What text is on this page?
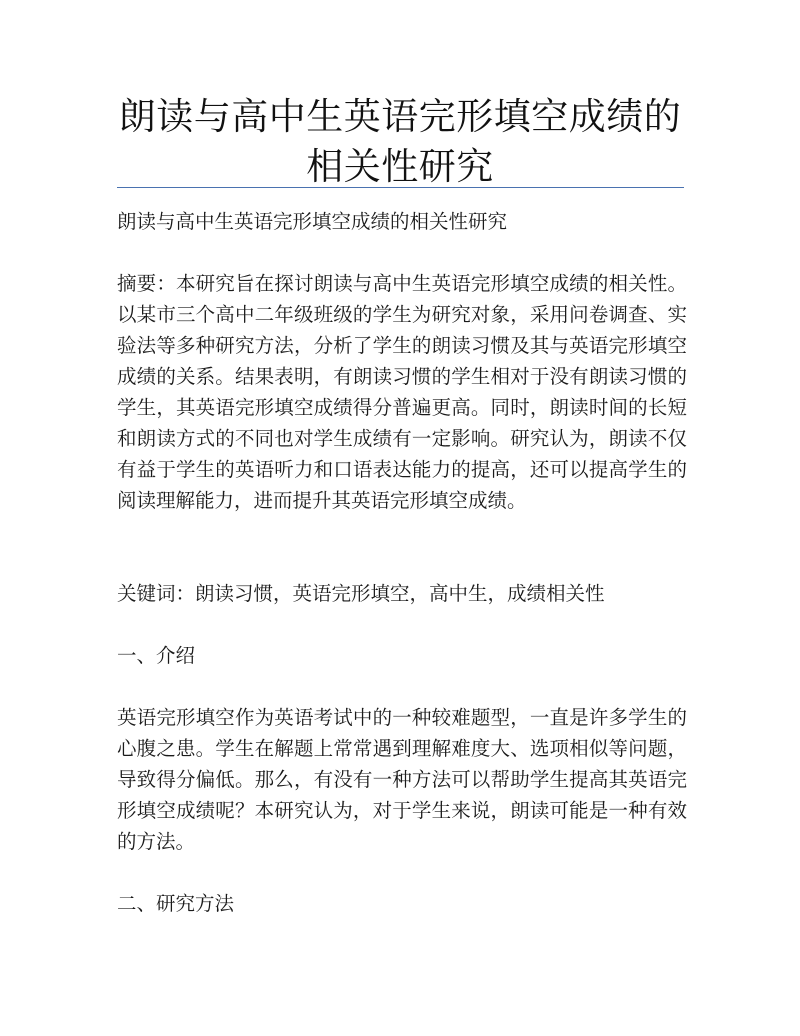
朗读与高中生英语完形填空成绩的相关性研究

朗读与高中生英语完形填空成绩的相关性研究

摘要：本研究旨在探讨朗读与高中生英语完形填空成绩的相关性。以某市三个高中二年级班级的学生为研究对象，采用问卷调查、实验法等多种研究方法，分析了学生的朗读习惯及其与英语完形填空成绩的关系。结果表明，有朗读习惯的学生相对于没有朗读习惯的学生，其英语完形填空成绩得分普遍更高。同时，朗读时间的长短和朗读方式的不同也对学生成绩有一定影响。研究认为，朗读不仅有益于学生的英语听力和口语表达能力的提高，还可以提高学生的阅读理解能力，进而提升其英语完形填空成绩。

关键词：朗读习惯，英语完形填空，高中生，成绩相关性

一、介绍

英语完形填空作为英语考试中的一种较难题型，一直是许多学生的心腹之患。学生在解题上常常遇到理解难度大、选项相似等问题，导致得分偏低。那么，有没有一种方法可以帮助学生提高其英语完形填空成绩呢？本研究认为，对于学生来说，朗读可能是一种有效的方法。

二、研究方法
